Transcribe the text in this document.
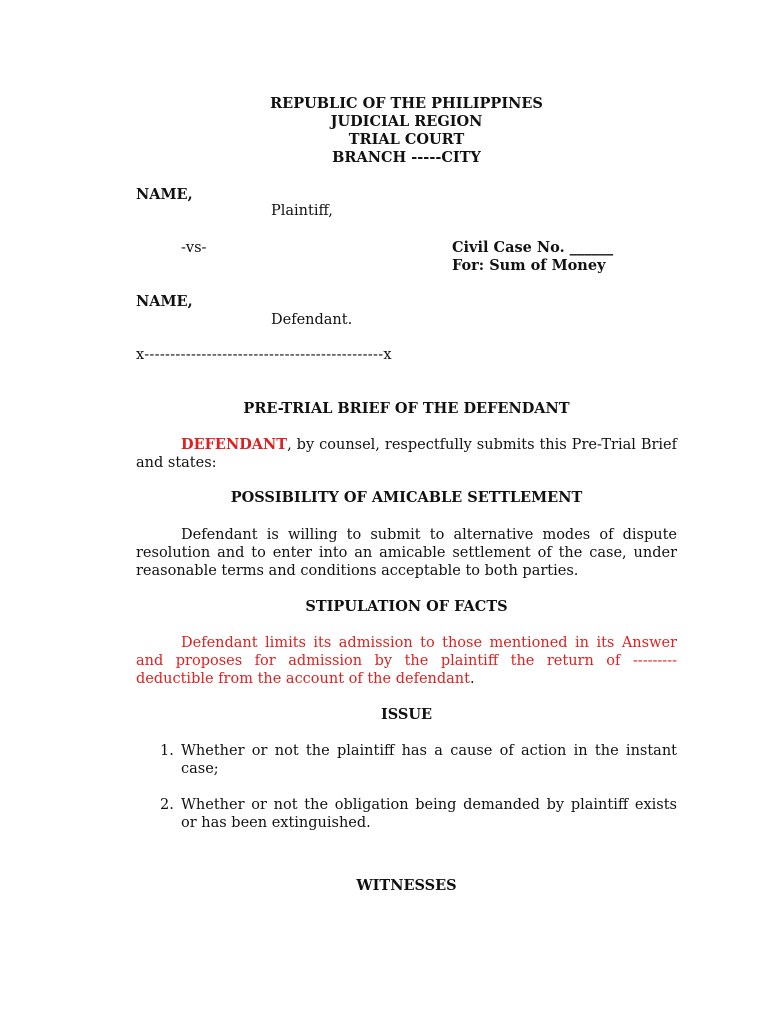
REPUBLIC OF THE PHILIPPINES
JUDICIAL REGION
TRIAL COURT
BRANCH -----CITY
NAME,
Plaintiff,
-vs-	Civil Case No. ______
For: Sum of Money
NAME,
Defendant.
x----------------------------------------------x
PRE-TRIAL BRIEF OF THE DEFENDANT
DEFENDANT, by counsel, respectfully submits this Pre-Trial Brief and states:
POSSIBILITY OF AMICABLE SETTLEMENT
Defendant is willing to submit to alternative modes of dispute resolution and to enter into an amicable settlement of the case, under reasonable terms and conditions acceptable to both parties.
STIPULATION OF FACTS
Defendant limits its admission to those mentioned in its Answer and proposes for admission by the plaintiff the return of --------- deductible from the account of the defendant.
ISSUE
1. Whether or not the plaintiff has a cause of action in the instant case;
2. Whether or not the obligation being demanded by plaintiff exists or has been extinguished.
WITNESSES
